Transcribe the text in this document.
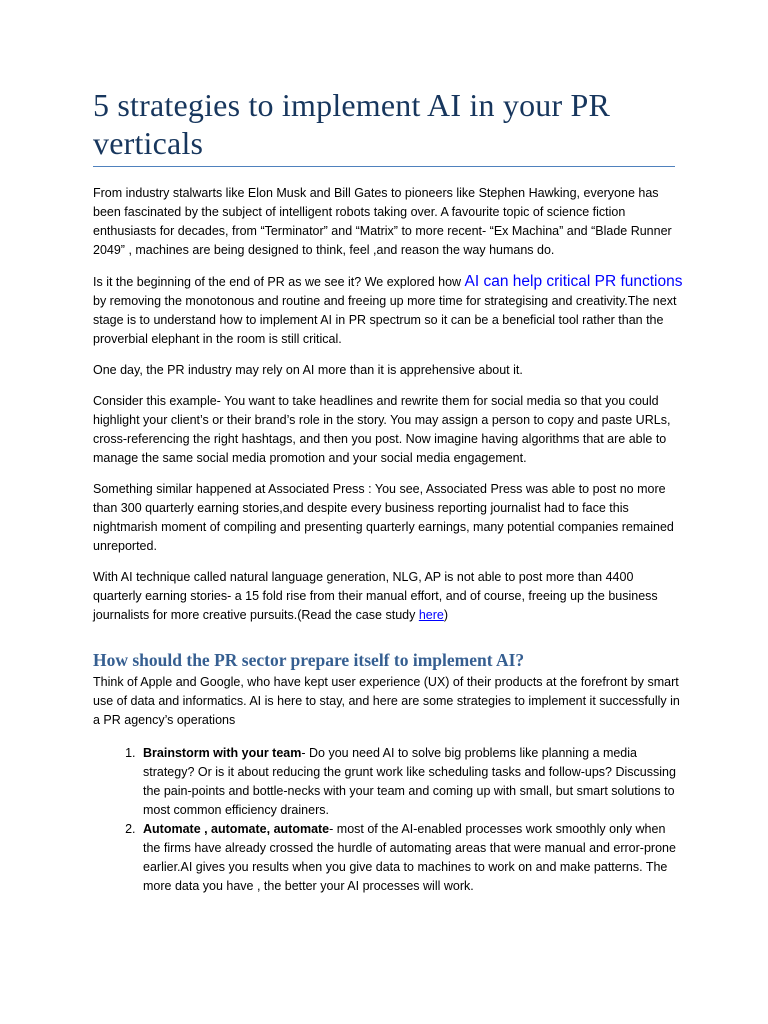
5 strategies to implement AI in your PR verticals

From industry stalwarts like Elon Musk and Bill Gates to pioneers like Stephen Hawking, everyone has been fascinated by the subject of intelligent robots taking over. A favourite topic of science fiction enthusiasts for decades, from “Terminator” and “Matrix” to more recent- “Ex Machina” and “Blade Runner 2049” , machines are being designed to think, feel ,and reason the way humans do.

Is it the beginning of the end of PR as we see it? We explored how AI can help critical PR functions by removing the monotonous and routine and freeing up more time for strategising and creativity.The next stage is to understand how to implement AI in PR spectrum so it can be a beneficial tool rather than the proverbial elephant in the room is still critical.

One day, the PR industry may rely on AI more than it is apprehensive about it.

Consider this example- You want to take headlines and rewrite them for social media so that you could highlight your client’s or their brand’s role in the story. You may assign a person to copy and paste URLs, cross-referencing the right hashtags, and then you post. Now imagine having algorithms that are able to manage the same social media promotion and your social media engagement.

Something similar happened at Associated Press : You see, Associated Press was able to post no more than 300 quarterly earning stories,and despite every business reporting journalist had to face this nightmarish moment of compiling and presenting quarterly earnings, many potential companies remained unreported.

With AI technique called natural language generation, NLG, AP is not able to post more than 4400 quarterly earning stories- a 15 fold rise from their manual effort, and of course, freeing up the business journalists for more creative pursuits.(Read the case study here)

How should the PR sector prepare itself to implement AI?
Think of Apple and Google, who have kept user experience (UX) of their products at the forefront by smart use of data and informatics. AI is here to stay, and here are some strategies to implement it successfully in a PR agency’s operations
1. Brainstorm with your team- Do you need AI to solve big problems like planning a media strategy? Or is it about reducing the grunt work like scheduling tasks and follow-ups? Discussing the pain-points and bottle-necks with your team and coming up with small, but smart solutions to most common efficiency drainers.
2. Automate , automate, automate- most of the AI-enabled processes work smoothly only when the firms have already crossed the hurdle of automating areas that were manual and error-prone earlier.AI gives you results when you give data to machines to work on and make patterns. The more data you have , the better your AI processes will work.
